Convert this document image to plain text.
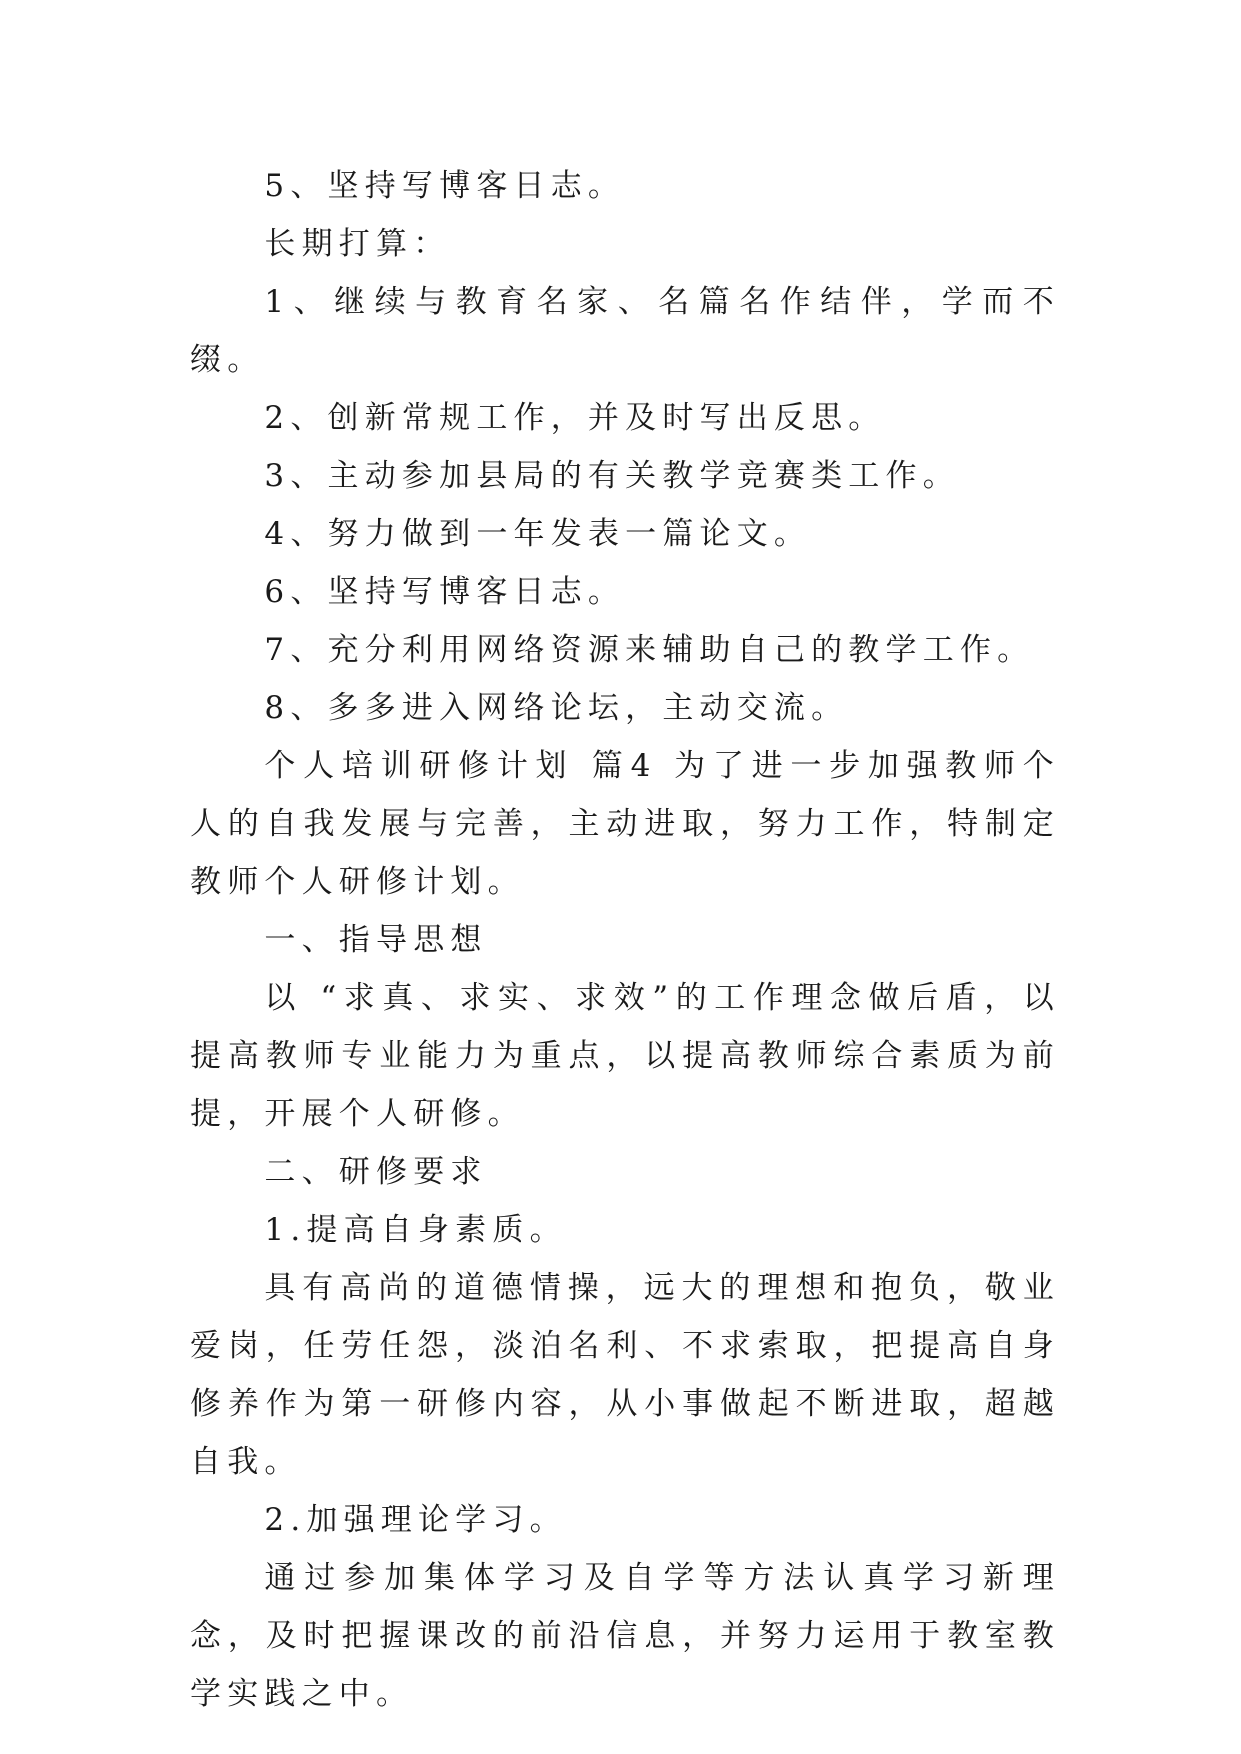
5、坚持写博客日志。

长期打算：

1、继续与教育名家、名篇名作结伴，学而不缀。

2、创新常规工作，并及时写出反思。

3、主动参加县局的有关教学竞赛类工作。

4、努力做到一年发表一篇论文。

6、坚持写博客日志。

7、充分利用网络资源来辅助自己的教学工作。

8、多多进入网络论坛，主动交流。

个人培训研修计划 篇4 为了进一步加强教师个人的自我发展与完善，主动进取，努力工作，特制定教师个人研修计划。

一、指导思想

以 “求真、求实、求效”的工作理念做后盾，以提高教师专业能力为重点，以提高教师综合素质为前提，开展个人研修。

二、研修要求

1.提高自身素质。

具有高尚的道德情操，远大的理想和抱负，敬业爱岗，任劳任怨，淡泊名利、不求索取，把提高自身修养作为第一研修内容，从小事做起不断进取，超越自我。

2.加强理论学习。

通过参加集体学习及自学等方法认真学习新理念，及时把握课改的前沿信息，并努力运用于教室教学实践之中。
